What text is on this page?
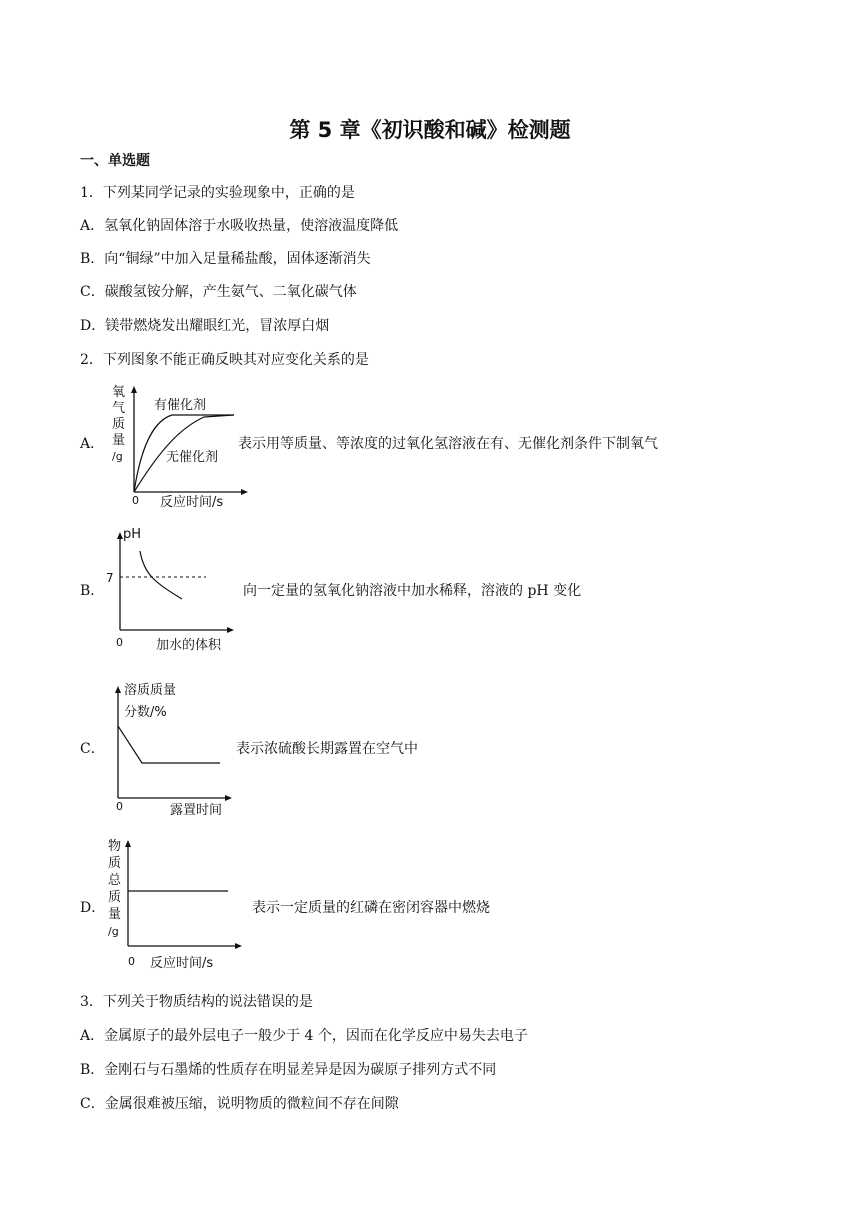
第 5 章《初识酸和碱》检测题
一、单选题
1．下列某同学记录的实验现象中，正确的是
A．氢氧化钠固体溶于水吸收热量，使溶液温度降低
B．向“铜绿”中加入足量稀盐酸，固体逐渐消失
C．碳酸氢铵分解，产生氨气、二氧化碳气体
D．镁带燃烧发出耀眼红光，冒浓厚白烟
2．下列图象不能正确反映其对应变化关系的是
A．
氧
气
质
量
/g
有催化剂
无催化剂
0 反应时间/s
表示用等质量、等浓度的过氧化氢溶液在有、无催化剂条件下制氧气
B．
pH
7
0	加水的体积
向一定量的氢氧化钠溶液中加水稀释，溶液的 pH 变化
C．
溶质质量
分数/%
0	露置时间
表示浓硫酸长期露置在空气中
D．
物
质
总
质
量
/g
0 反应时间/s
表示一定质量的红磷在密闭容器中燃烧
3．下列关于物质结构的说法错误的是
A．金属原子的最外层电子一般少于 4 个，因而在化学反应中易失去电子
B．金刚石与石墨烯的性质存在明显差异是因为碳原子排列方式不同
C．金属很难被压缩，说明物质的微粒间不存在间隙
